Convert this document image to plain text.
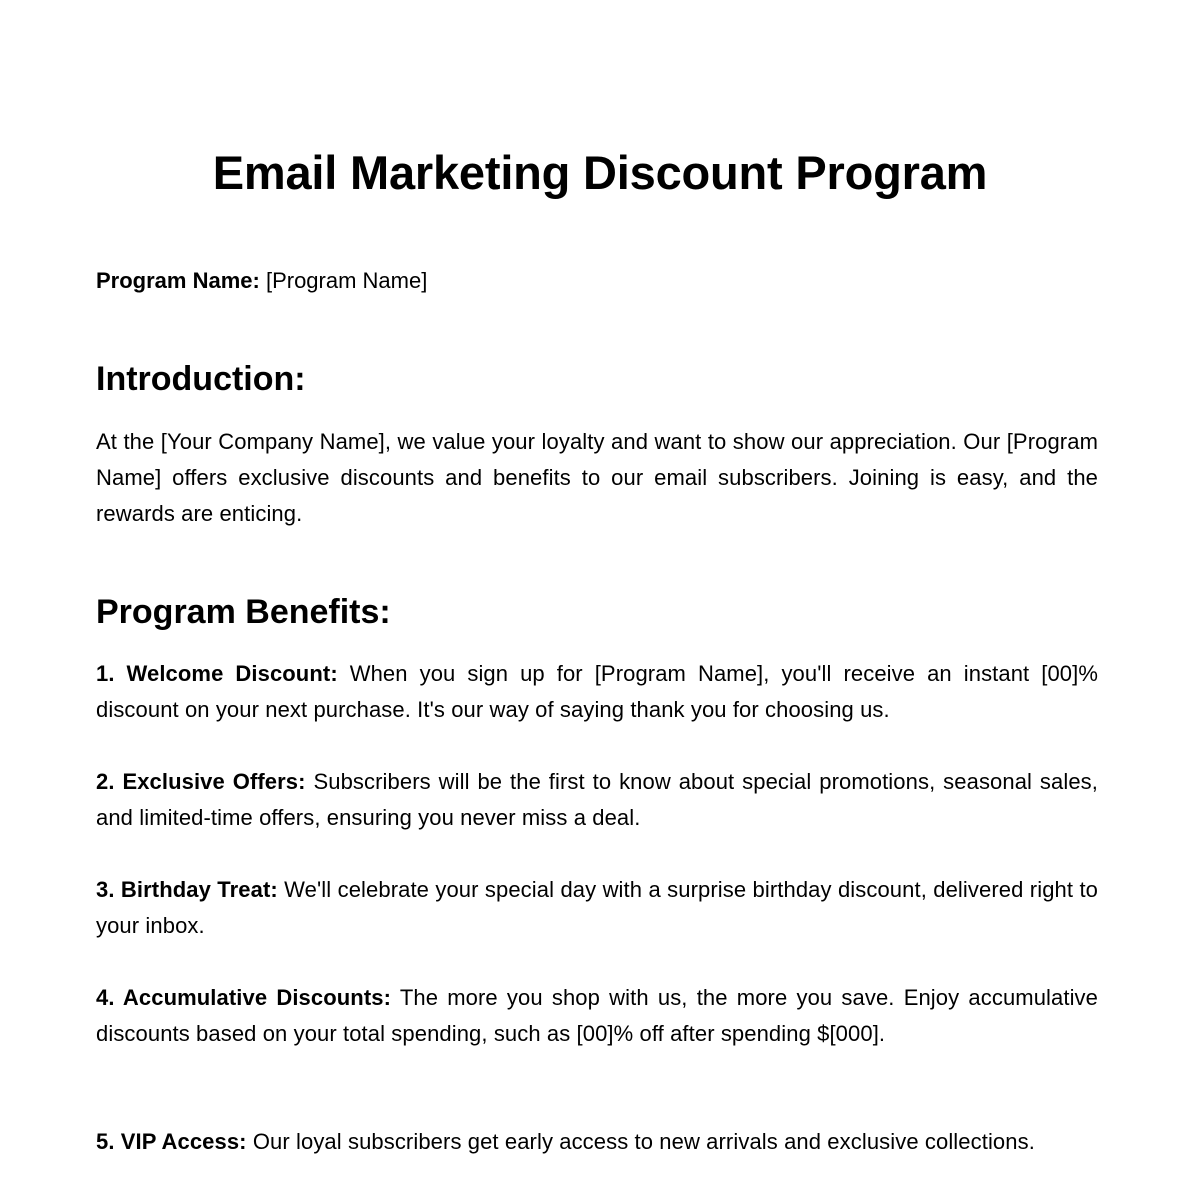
Email Marketing Discount Program

Program Name: [Program Name]

Introduction:

At the [Your Company Name], we value your loyalty and want to show our appreciation. Our [Program Name] offers exclusive discounts and benefits to our email subscribers. Joining is easy, and the rewards are enticing.

Program Benefits:

1. Welcome Discount: When you sign up for [Program Name], you'll receive an instant [00]% discount on your next purchase. It's our way of saying thank you for choosing us.

2. Exclusive Offers: Subscribers will be the first to know about special promotions, seasonal sales, and limited-time offers, ensuring you never miss a deal.

3. Birthday Treat: We'll celebrate your special day with a surprise birthday discount, delivered right to your inbox.

4. Accumulative Discounts: The more you shop with us, the more you save. Enjoy accumulative discounts based on your total spending, such as [00]% off after spending $[000].

5. VIP Access: Our loyal subscribers get early access to new arrivals and exclusive collections.
